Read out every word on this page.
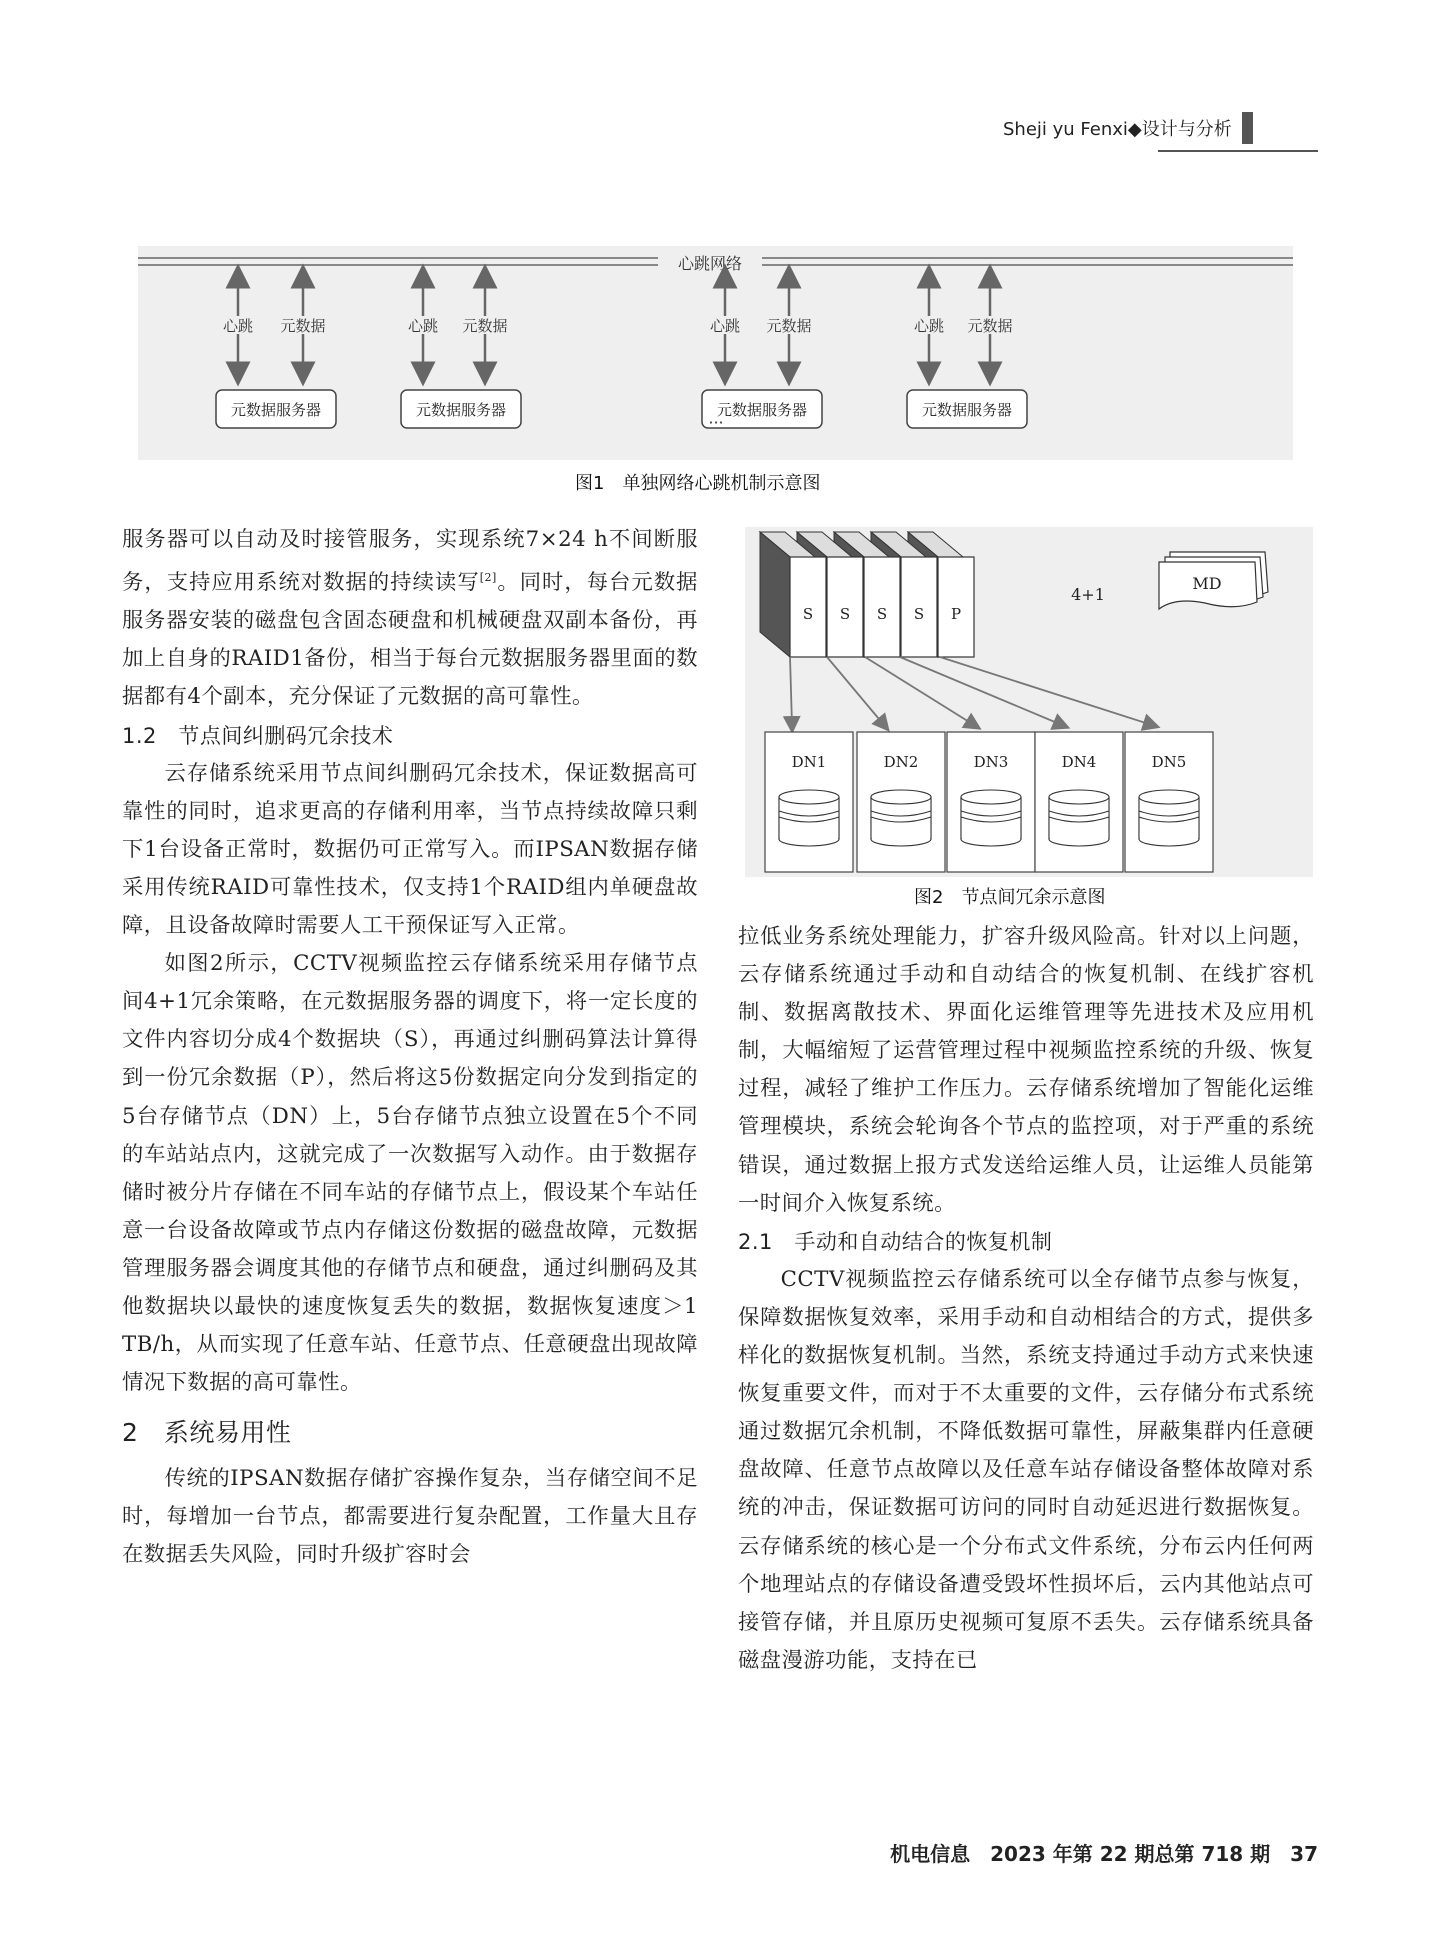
Sheji yu Fenxi◆设计与分析
心跳网络
心跳 元数据
元数据服务器
心跳 元数据
元数据服务器
心跳 元数据
元数据服务器
心跳 元数据
元数据服务器
···
图1　单独网络心跳机制示意图
P
S
S
S
S
4+1
MD
DN1	DN2	DN3	DN4	DN5
图2　节点间冗余示意图

服务器可以自动及时接管服务，实现系统7×24 h不间断服务，支持应用系统对数据的持续读写[2]。同时，每台元数据服务器安装的磁盘包含固态硬盘和机械硬盘双副本备份，再加上自身的RAID1备份，相当于每台元数据服务器里面的数据都有4个副本，充分保证了元数据的高可靠性。

1.2　节点间纠删码冗余技术

云存储系统采用节点间纠删码冗余技术，保证数据高可靠性的同时，追求更高的存储利用率，当节点持续故障只剩下1台设备正常时，数据仍可正常写入。而IPSAN数据存储采用传统RAID可靠性技术，仅支持1个RAID组内单硬盘故障，且设备故障时需要人工干预保证写入正常。

如图2所示，CCTV视频监控云存储系统采用存储节点间4+1冗余策略，在元数据服务器的调度下，将一定长度的文件内容切分成4个数据块（S），再通过纠删码算法计算得到一份冗余数据（P），然后将这5份数据定向分发到指定的5台存储节点（DN）上，5台存储节点独立设置在5个不同的车站站点内，这就完成了一次数据写入动作。由于数据存储时被分片存储在不同车站的存储节点上，假设某个车站任意一台设备故障或节点内存储这份数据的磁盘故障，元数据管理服务器会调度其他的存储节点和硬盘，通过纠删码及其他数据块以最快的速度恢复丢失的数据，数据恢复速度＞1 TB/h，从而实现了任意车站、任意节点、任意硬盘出现故障情况下数据的高可靠性。

2　系统易用性

传统的IPSAN数据存储扩容操作复杂，当存储空间不足时，每增加一台节点，都需要进行复杂配置，工作量大且存在数据丢失风险，同时升级扩容时会

拉低业务系统处理能力，扩容升级风险高。针对以上问题，云存储系统通过手动和自动结合的恢复机制、在线扩容机制、数据离散技术、界面化运维管理等先进技术及应用机制，大幅缩短了运营管理过程中视频监控系统的升级、恢复过程，减轻了维护工作压力。云存储系统增加了智能化运维管理模块，系统会轮询各个节点的监控项，对于严重的系统错误，通过数据上报方式发送给运维人员，让运维人员能第一时间介入恢复系统。

2.1　手动和自动结合的恢复机制

CCTV视频监控云存储系统可以全存储节点参与恢复，保障数据恢复效率，采用手动和自动相结合的方式，提供多样化的数据恢复机制。当然，系统支持通过手动方式来快速恢复重要文件，而对于不太重要的文件，云存储分布式系统通过数据冗余机制，不降低数据可靠性，屏蔽集群内任意硬盘故障、任意节点故障以及任意车站存储设备整体故障对系统的冲击，保证数据可访问的同时自动延迟进行数据恢复。云存储系统的核心是一个分布式文件系统，分布云内任何两个地理站点的存储设备遭受毁坏性损坏后，云内其他站点可接管存储，并且原历史视频可复原不丢失。云存储系统具备磁盘漫游功能，支持在已

机电信息　2023 年第 22 期总第 718 期　37
